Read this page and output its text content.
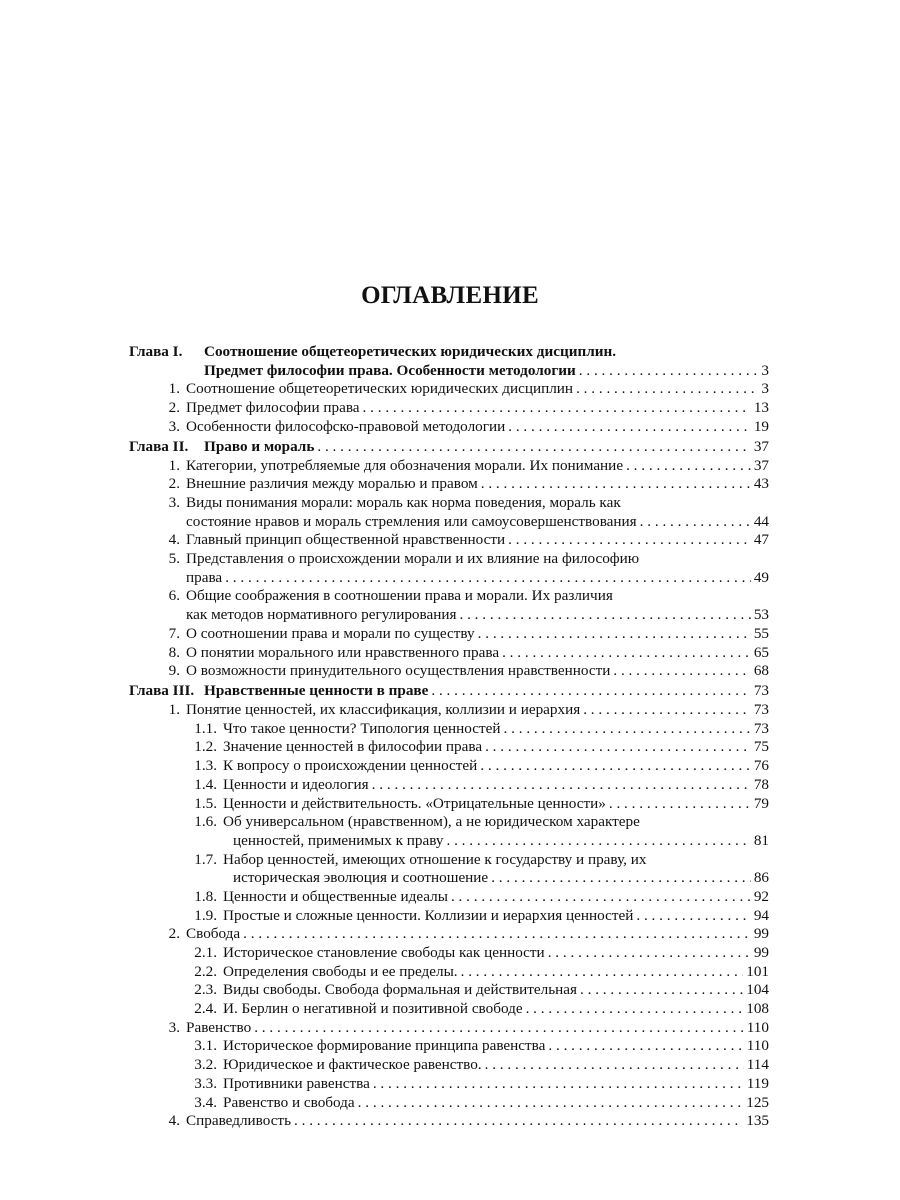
ОГЛАВЛЕНИЕ
Глава I.	Соотношение общетеоретических юридических дисциплин.
Предмет философии права. Особенности методологии . . .	3
1. Соотношение общетеоретических юридических дисциплин . . .	3
2. Предмет философии права . . .	13
3. Особенности философско-правовой методологии . . .	19
Глава II.	Право и мораль . . .	37
1. Категории, употребляемые для обозначения морали. Их понимание . . .	37
2. Внешние различия между моралью и правом . . .	43
3. Виды понимания морали: мораль как норма поведения, мораль как
состояние нравов и мораль стремления или самоусовершенствования . . .	44
4. Главный принцип общественной нравственности . . .	47
5. Представления о происхождении морали и их влияние на философию
права . . .	49
6. Общие соображения в соотношении права и морали. Их различия
как методов нормативного регулирования . . .	53
7. О соотношении права и морали по существу . . .	55
8. О понятии морального или нравственного права . . .	65
9. О возможности принудительного осуществления нравственности . . .	68
Глава III. Нравственные ценности в праве . . .	73
1. Понятие ценностей, их классификация, коллизии и иерархия . . .	73
1.1. Что такое ценности? Типология ценностей . . .	73
1.2. Значение ценностей в философии права . . .	75
1.3. К вопросу о происхождении ценностей . . .	76
1.4. Ценности и идеология . . .	78
1.5. Ценности и действительность. «Отрицательные ценности» . . .	79
1.6. Об универсальном (нравственном), а не юридическом характере
ценностей, применимых к праву . . .	81
1.7. Набор ценностей, имеющих отношение к государству и праву, их
историческая эволюция и соотношение . . .	86
1.8. Ценности и общественные идеалы . . .	92
1.9. Простые и сложные ценности. Коллизии и иерархия ценностей . . .	94
2. Свобода . . .	99
2.1. Историческое становление свободы как ценности . . .	99
2.2. Определения свободы и ее пределы. . . .	101
2.3. Виды свободы. Свобода формальная и действительная . . .	104
2.4. И. Берлин о негативной и позитивной свободе . . .	108
3. Равенство . . .	110
3.1. Историческое формирование принципа равенства . . .	110
3.2. Юридическое и фактическое равенство. . . .	114
3.3. Противники равенства . . .	119
3.4. Равенство и свобода . . .	125
4. Справедливость . . .	135
